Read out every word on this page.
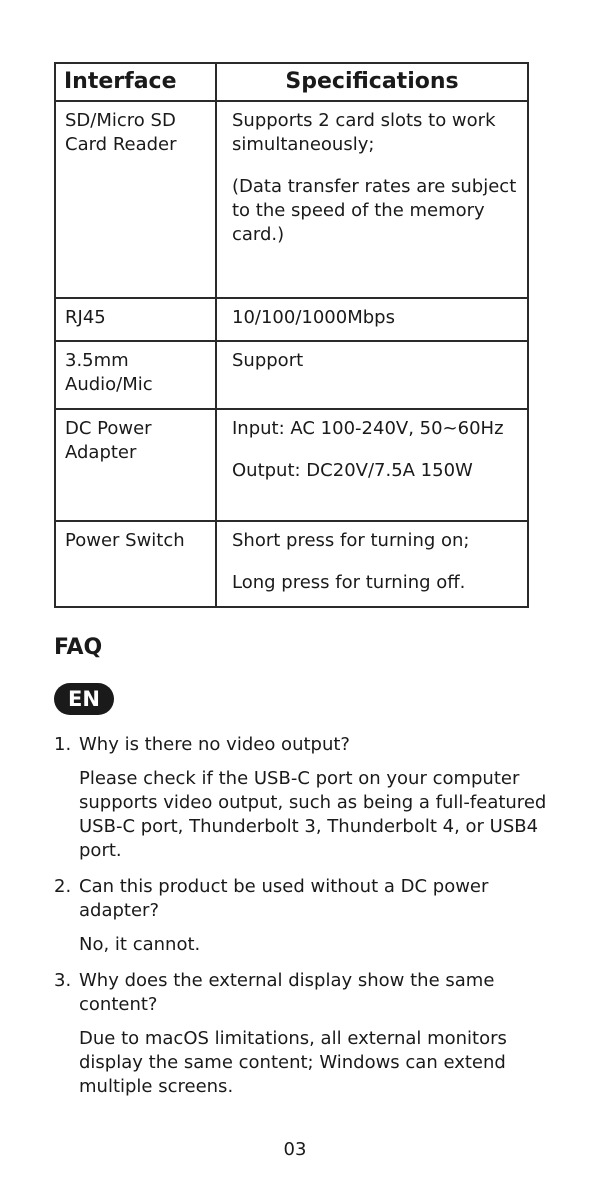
Interface	Specifications
SD/Micro SD Card Reader	Supports 2 card slots to work simultaneously;

(Data transfer rates are subject to the speed of the memory card.)

RJ45	10/100/1000Mbps

3.5mm Audio/Mic	Support

DC Power Adapter	Input: AC 100-240V, 50~60Hz

Output: DC20V/7.5A 150W

Power Switch	Short press for turning on;

Long press for turning off.

FAQ
EN
1. Why is there no video output?

Please check if the USB-C port on your computer supports video output, such as being a full-featured USB-C port, Thunderbolt 3, Thunderbolt 4, or USB4 port.

2. Can this product be used without a DC power adapter?

No, it cannot.

3. Why does the external display show the same content?

Due to macOS limitations, all external monitors display the same content; Windows can extend multiple screens.

03
